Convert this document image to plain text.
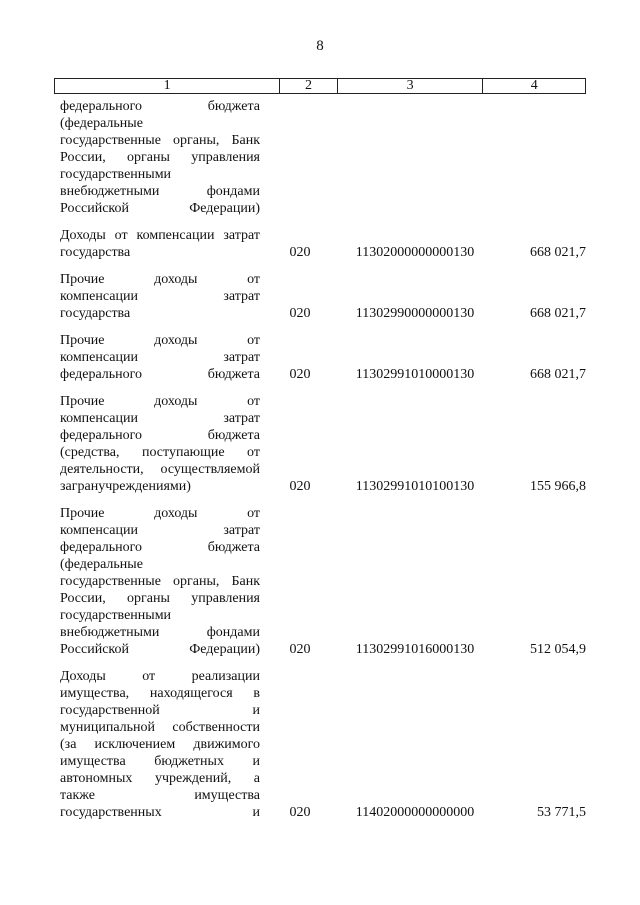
8
1	2	3	4
федерального бюджета
(федеральные
государственные органы, Банк
России, органы управления
государственными
внебюджетными фондами
Российской Федерации)
Доходы от компенсации затрат
государства	020	11302000000000130	668 021,7
Прочие доходы от
компенсации затрат
государства	020	11302990000000130	668 021,7
Прочие доходы от
компенсации затрат
федерального бюджета	020	11302991010000130	668 021,7
Прочие доходы от
компенсации затрат
федерального бюджета
(средства, поступающие от
деятельности, осуществляемой
загранучреждениями)	020	11302991010100130	155 966,8
Прочие доходы от
компенсации затрат
федерального бюджета
(федеральные
государственные органы, Банк
России, органы управления
государственными
внебюджетными фондами
Российской Федерации)	020	11302991016000130	512 054,9
Доходы от реализации
имущества, находящегося в
государственной и
муниципальной собственности
(за исключением движимого
имущества бюджетных и
автономных учреждений, а
также имущества
государственных и	020	11402000000000000	53 771,5
